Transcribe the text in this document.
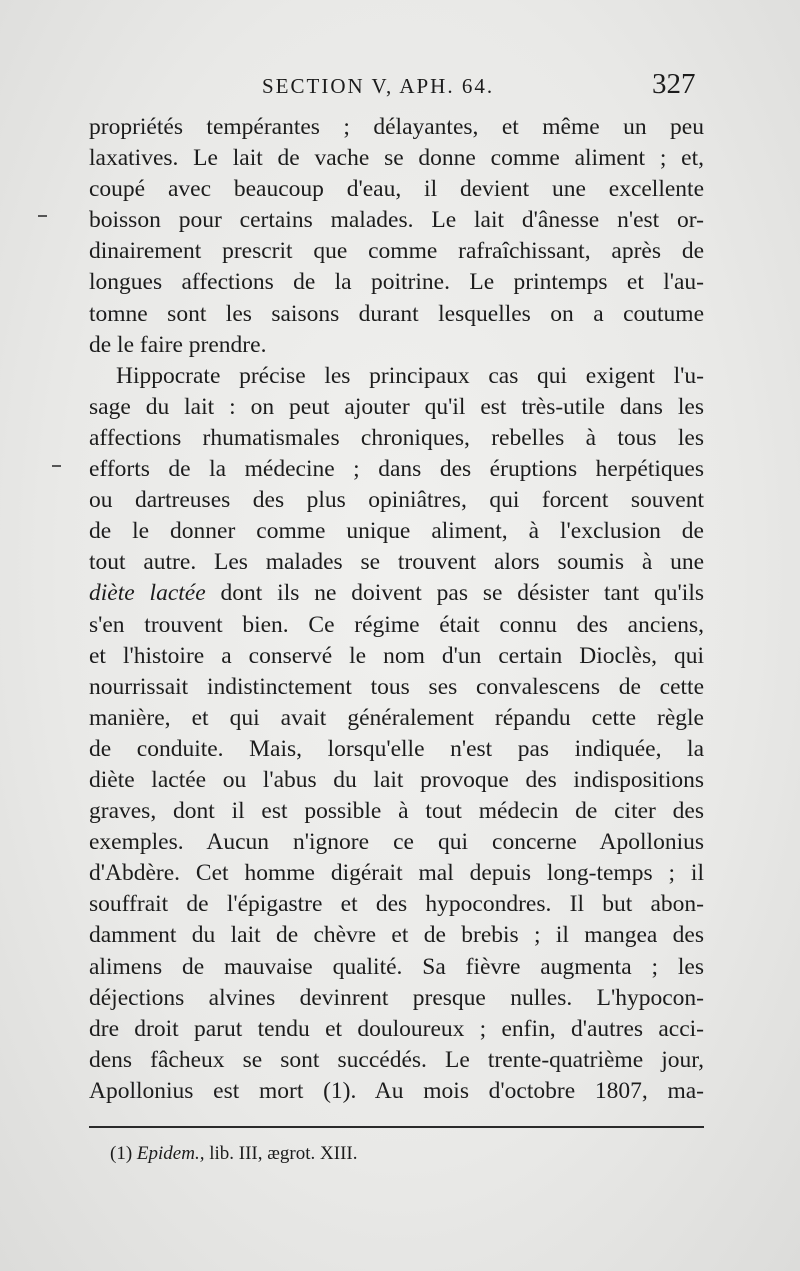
SECTION V, APH. 64.	327
propriétés tempérantes ; délayantes, et même un peu
laxatives. Le lait de vache se donne comme aliment ; et,
coupé avec beaucoup d'eau, il devient une excellente
boisson pour certains malades. Le lait d'ânesse n'est or-
dinairement prescrit que comme rafraîchissant, après de
longues affections de la poitrine. Le printemps et l'au-
tomne sont les saisons durant lesquelles on a coutume
de le faire prendre.
Hippocrate précise les principaux cas qui exigent l'u-
sage du lait : on peut ajouter qu'il est très-utile dans les
affections rhumatismales chroniques, rebelles à tous les
efforts de la médecine ; dans des éruptions herpétiques
ou dartreuses des plus opiniâtres, qui forcent souvent
de le donner comme unique aliment, à l'exclusion de
tout autre. Les malades se trouvent alors soumis à une
diète lactée dont ils ne doivent pas se désister tant qu'ils
s'en trouvent bien. Ce régime était connu des anciens,
et l'histoire a conservé le nom d'un certain Dioclès, qui
nourrissait indistinctement tous ses convalescens de cette
manière, et qui avait généralement répandu cette règle
de conduite. Mais, lorsqu'elle n'est pas indiquée, la
diète lactée ou l'abus du lait provoque des indispositions
graves, dont il est possible à tout médecin de citer des
exemples. Aucun n'ignore ce qui concerne Apollonius
d'Abdère. Cet homme digérait mal depuis long-temps ; il
souffrait de l'épigastre et des hypocondres. Il but abon-
damment du lait de chèvre et de brebis ; il mangea des
alimens de mauvaise qualité. Sa fièvre augmenta ; les
déjections alvines devinrent presque nulles. L'hypocon-
dre droit parut tendu et douloureux ; enfin, d'autres acci-
dens fâcheux se sont succédés. Le trente-quatrième jour,
Apollonius est mort (1). Au mois d'octobre 1807, ma-
(1) Epidem., lib. III, ægrot. XIII.
